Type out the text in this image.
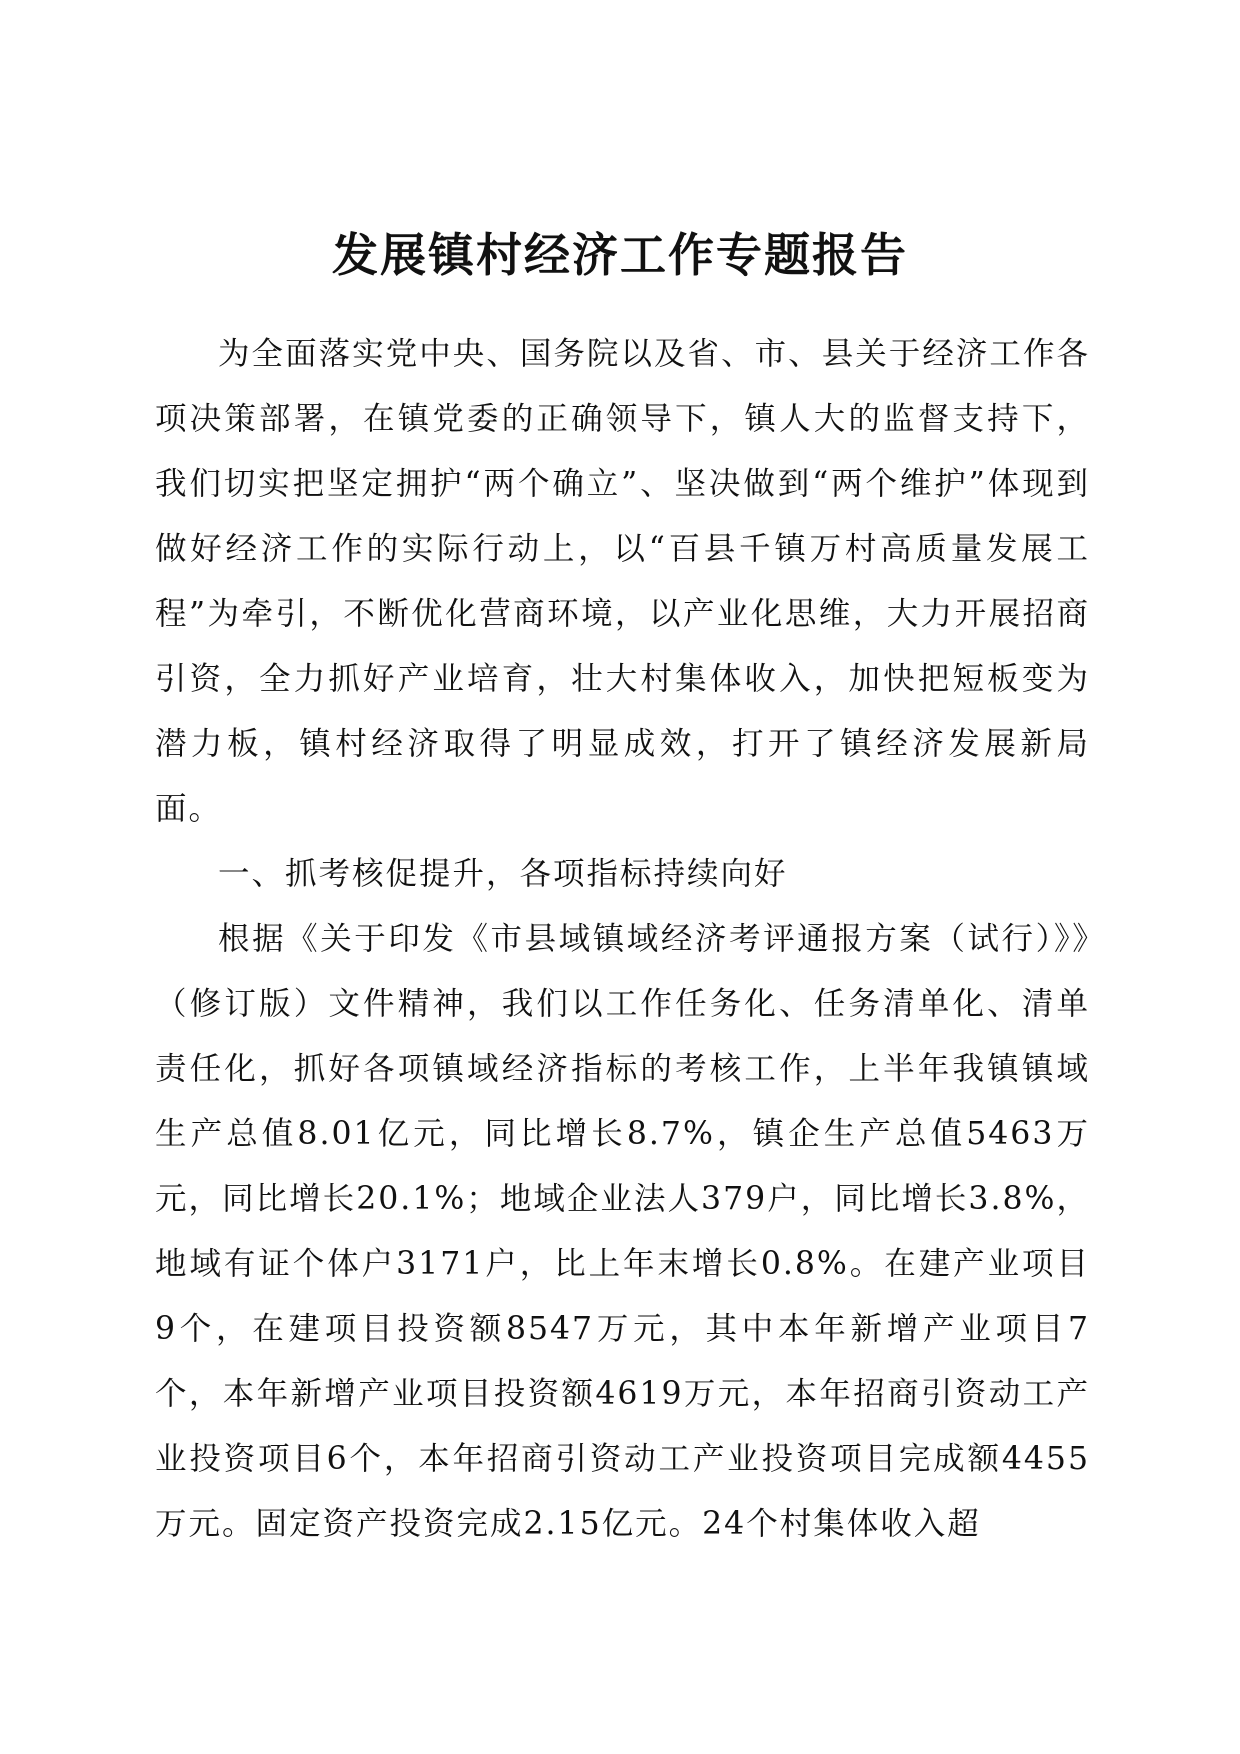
发展镇村经济工作专题报告

为全面落实党中央、国务院以及省、市、县关于经济工作各项决策部署，在镇党委的正确领导下，镇人大的监督支持下，我们切实把坚定拥护“两个确立”、坚决做到“两个维护”体现到做好经济工作的实际行动上，以“百县千镇万村高质量发展工程”为牵引，不断优化营商环境，以产业化思维，大力开展招商引资，全力抓好产业培育，壮大村集体收入，加快把短板变为潜力板，镇村经济取得了明显成效，打开了镇经济发展新局面。

一、抓考核促提升，各项指标持续向好

根据《关于印发《市县域镇域经济考评通报方案（试行）》》（修订版）文件精神，我们以工作任务化、任务清单化、清单责任化，抓好各项镇域经济指标的考核工作，上半年我镇镇域生产总值8.01亿元，同比增长8.7%，镇企生产总值5463万元，同比增长20.1%；地域企业法人379户，同比增长3.8%，地域有证个体户3171户，比上年末增长0.8%。在建产业项目9个，在建项目投资额8547万元，其中本年新增产业项目7个，本年新增产业项目投资额4619万元，本年招商引资动工产业投资项目6个，本年招商引资动工产业投资项目完成额4455万元。固定资产投资完成2.15亿元。24个村集体收入超
